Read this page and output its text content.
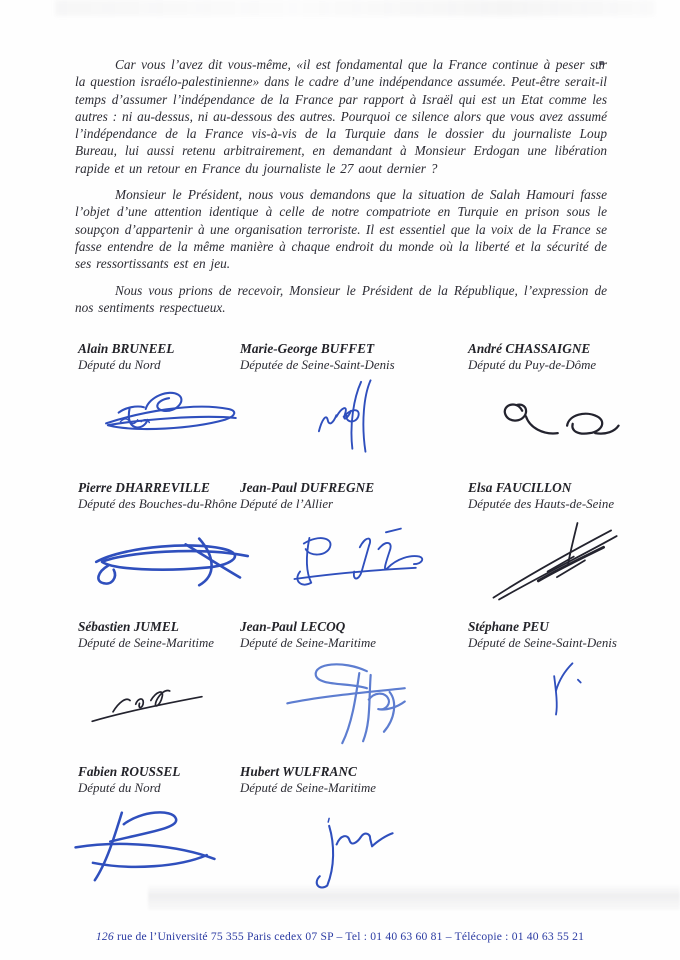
Car vous l’avez dit vous-même, «il est fondamental que la France continue à peser sur la question israélo-palestinienne» dans le cadre d’une indépendance assumée. Peut-être serait-il temps d’assumer l’indépendance de la France par rapport à Israël qui est un Etat comme les autres : ni au-dessus, ni au-dessous des autres. Pourquoi ce silence alors que vous avez assumé l’indépendance de la France vis-à-vis de la Turquie dans le dossier du journaliste Loup Bureau, lui aussi retenu arbitrairement, en demandant à Monsieur Erdogan une libération rapide et un retour en France du journaliste le 27 aout dernier ?

Monsieur le Président, nous vous demandons que la situation de Salah Hamouri fasse l’objet d’une attention identique à celle de notre compatriote en Turquie en prison sous le soupçon d’appartenir à une organisation terroriste. Il est essentiel que la voix de la France se fasse entendre de la même manière à chaque endroit du monde où la liberté et la sécurité de ses ressortissants est en jeu.

Nous vous prions de recevoir, Monsieur le Président de la République, l’expression de nos sentiments respectueux.

Alain BRUNEEL
Député du Nord
Marie-George BUFFET
Députée de Seine-Saint-Denis
André CHASSAIGNE
Député du Puy-de-Dôme
Pierre DHARREVILLE
Député des Bouches-du-Rhône
Jean-Paul DUFREGNE
Député de l’Allier
Elsa FAUCILLON
Députée des Hauts-de-Seine
Sébastien JUMEL
Député de Seine-Maritime
Jean-Paul LECOQ
Député de Seine-Maritime
Stéphane PEU
Député de Seine-Saint-Denis
Fabien ROUSSEL
Député du Nord
Hubert WULFRANC
Député de Seine-Maritime
126 rue de l’Université 75 355 Paris cedex 07 SP – Tel : 01 40 63 60 81 – Télécopie : 01 40 63 55 21
